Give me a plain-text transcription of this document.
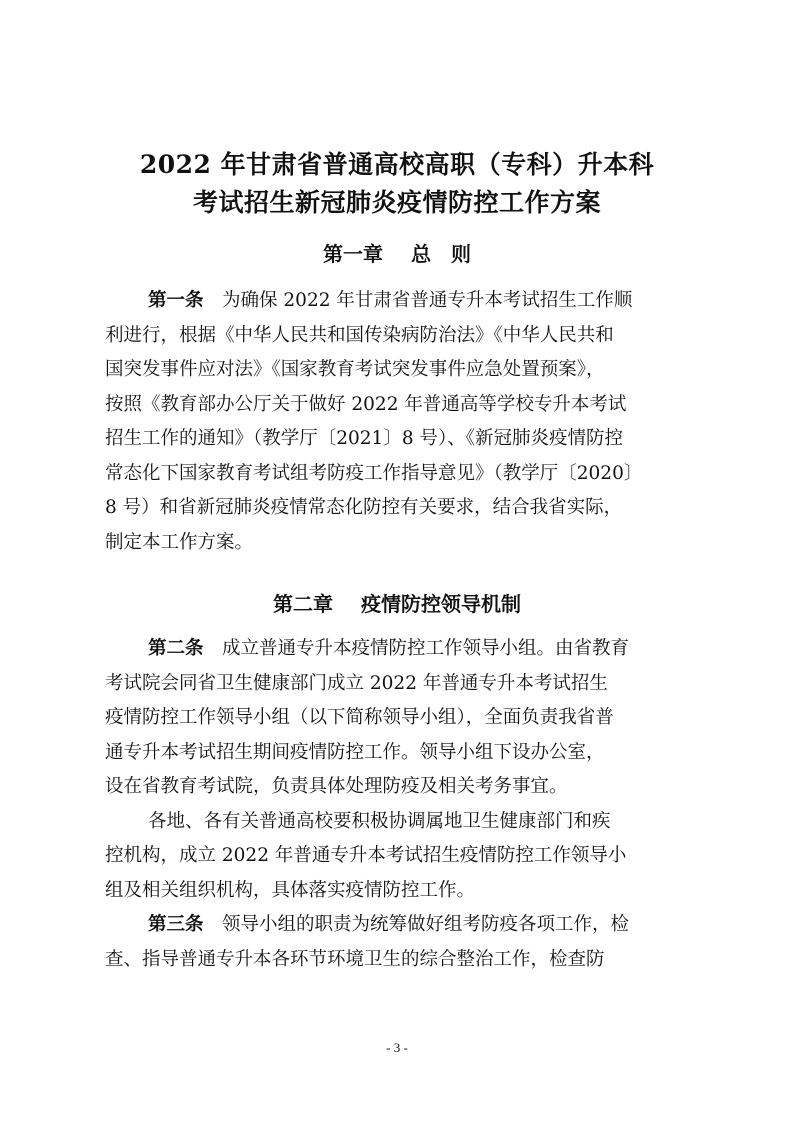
2022 年甘肃省普通高校高职（专科）升本科
考试招生新冠肺炎疫情防控工作方案
第一章 总　则
第一条　 为确保 2022 年甘肃省普通专升本考试招生工作顺
利进行，根据《中华人民共和国传染病防治法》《中华人民共和
国突发事件应对法》《国家教育考试突发事件应急处置预案》，
按照《教育部办公厅关于做好 2022 年普通高等学校专升本考试
招生工作的通知》（教学厅〔2021〕8 号）、《新冠肺炎疫情防控
常态化下国家教育考试组考防疫工作指导意见》（教学厅〔2020〕
8 号）和省新冠肺炎疫情常态化防控有关要求，结合我省实际，
制定本工作方案。
第二章 疫情防控领导机制
第二条　 成立普通专升本疫情防控工作领导小组。由省教育
考试院会同省卫生健康部门成立 2022 年普通专升本考试招生
疫情防控工作领导小组（以下简称领导小组），全面负责我省普
通专升本考试招生期间疫情防控工作。领导小组下设办公室，
设在省教育考试院，负责具体处理防疫及相关考务事宜。
各地、各有关普通高校要积极协调属地卫生健康部门和疾
控机构，成立 2022 年普通专升本考试招生疫情防控工作领导小
组及相关组织机构，具体落实疫情防控工作。
第三条　 领导小组的职责为统筹做好组考防疫各项工作，检
查、指导普通专升本各环节环境卫生的综合整治工作，检查防
- 3 -
